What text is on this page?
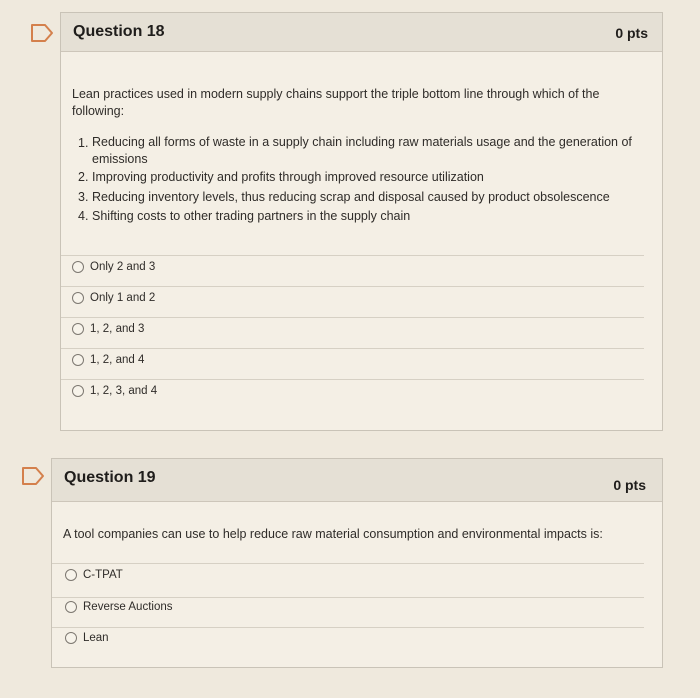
Question 18	0 pts
Lean practices used in modern supply chains support the triple bottom line through which of the following:
1. Reducing all forms of waste in a supply chain including raw materials usage and the generation of emissions
2. Improving productivity and profits through improved resource utilization
3. Reducing inventory levels, thus reducing scrap and disposal caused by product obsolescence
4. Shifting costs to other trading partners in the supply chain
Only 2 and 3
Only 1 and 2
1, 2, and 3
1, 2, and 4
1, 2, 3, and 4
Question 19	0 pts
A tool companies can use to help reduce raw material consumption and environmental impacts is:
C-TPAT
Reverse Auctions
Lean
